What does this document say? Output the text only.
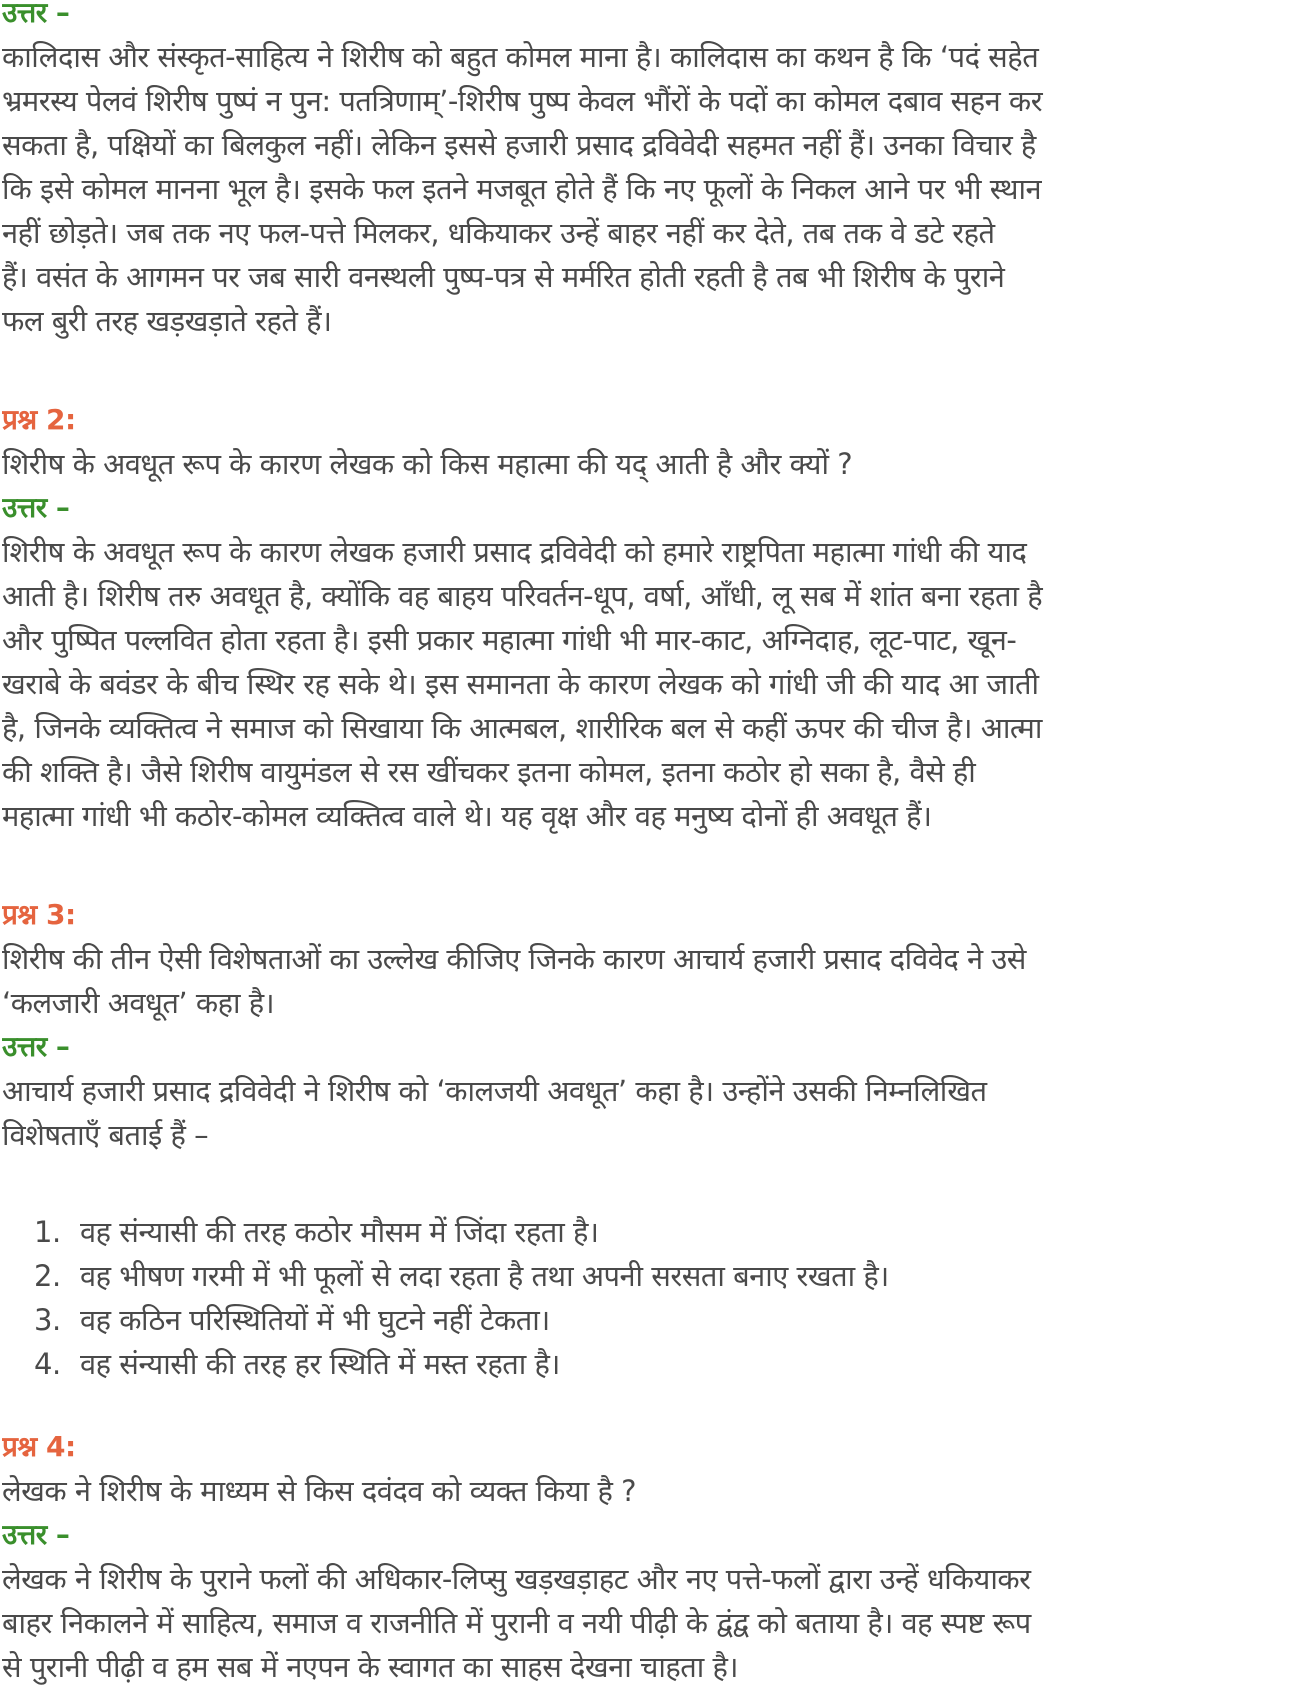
उत्तर –
कालिदास और संस्कृत-साहित्य ने शिरीष को बहुत कोमल माना है। कालिदास का कथन है कि ‘पदं सहेत
भ्रमरस्य पेलवं शिरीष पुष्पं न पुन: पतत्रिणाम्’-शिरीष पुष्प केवल भौंरों के पदों का कोमल दबाव सहन कर
सकता है, पक्षियों का बिलकुल नहीं। लेकिन इससे हजारी प्रसाद द्रविवेदी सहमत नहीं हैं। उनका विचार है
कि इसे कोमल मानना भूल है। इसके फल इतने मजबूत होते हैं कि नए फूलों के निकल आने पर भी स्थान
नहीं छोड़ते। जब तक नए फल-पत्ते मिलकर, धकियाकर उन्हें बाहर नहीं कर देते, तब तक वे डटे रहते
हैं। वसंत के आगमन पर जब सारी वनस्थली पुष्प-पत्र से मर्मरित होती रहती है तब भी शिरीष के पुराने
फल बुरी तरह खड़खड़ाते रहते हैं।
प्रश्न 2:
शिरीष के अवधूत रूप के कारण लेखक को किस महात्मा की यद् आती है और क्यों ?
उत्तर –
शिरीष के अवधूत रूप के कारण लेखक हजारी प्रसाद द्रविवेदी को हमारे राष्ट्रपिता महात्मा गांधी की याद
आती है। शिरीष तरु अवधूत है, क्योंकि वह बाहय परिवर्तन-धूप, वर्षा, आँधी, लू सब में शांत बना रहता है
और पुष्पित पल्लवित होता रहता है। इसी प्रकार महात्मा गांधी भी मार-काट, अग्निदाह, लूट-पाट, खून-
खराबे के बवंडर के बीच स्थिर रह सके थे। इस समानता के कारण लेखक को गांधी जी की याद आ जाती
है, जिनके व्यक्तित्व ने समाज को सिखाया कि आत्मबल, शारीरिक बल से कहीं ऊपर की चीज है। आत्मा
की शक्ति है। जैसे शिरीष वायुमंडल से रस खींचकर इतना कोमल, इतना कठोर हो सका है, वैसे ही
महात्मा गांधी भी कठोर-कोमल व्यक्तित्व वाले थे। यह वृक्ष और वह मनुष्य दोनों ही अवधूत हैं।
प्रश्न 3:
शिरीष की तीन ऐसी विशेषताओं का उल्लेख कीजिए जिनके कारण आचार्य हजारी प्रसाद दविवेद ने उसे
‘कलजारी अवधूत’ कहा है।
उत्तर –
आचार्य हजारी प्रसाद द्रविवेदी ने शिरीष को ‘कालजयी अवधूत’ कहा है। उन्होंने उसकी निम्नलिखित
विशेषताएँ बताई हैं –
1. वह संन्यासी की तरह कठोर मौसम में जिंदा रहता है।
2. वह भीषण गरमी में भी फूलों से लदा रहता है तथा अपनी सरसता बनाए रखता है।
3. वह कठिन परिस्थितियों में भी घुटने नहीं टेकता।
4. वह संन्यासी की तरह हर स्थिति में मस्त रहता है।
प्रश्न 4:
लेखक ने शिरीष के माध्यम से किस दवंदव को व्यक्त किया है ?
उत्तर –
लेखक ने शिरीष के पुराने फलों की अधिकार-लिप्सु खड़खड़ाहट और नए पत्ते-फलों द्वारा उन्हें धकियाकर
बाहर निकालने में साहित्य, समाज व राजनीति में पुरानी व नयी पीढ़ी के द्वंद्व को बताया है। वह स्पष्ट रूप
से पुरानी पीढ़ी व हम सब में नएपन के स्वागत का साहस देखना चाहता है।
